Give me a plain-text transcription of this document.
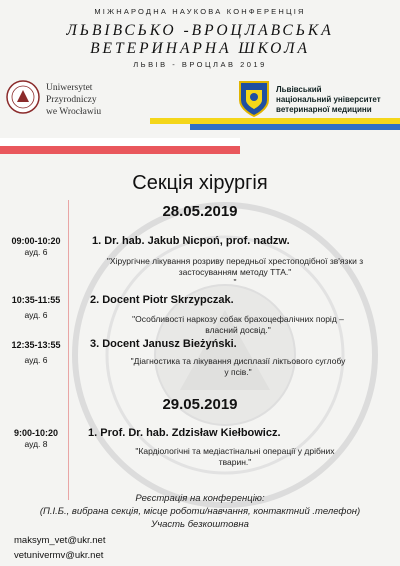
МІЖНАРОДНА НАУКОВА КОНФЕРЕНЦІЯ
ЛЬВІВСЬКО -ВРОЦЛАВСЬКА
ВЕТЕРИНАРНА ШКОЛА
ЛЬВІВ - ВРОЦЛАВ 2019
Uniwersytet
Przyrodniczy
we Wrocławiu
Львівський
національний університет
ветеринарної медицини
Секція хірургія
28.05.2019
09:00-10:20
ауд. 6
1. Dr. hab. Jakub Nicpoń, prof. nadzw.
"Хірургічне лікування розриву передньої хрестоподібної зв'язки з
застосуванням методу ТТА."
"
10:35-11:55
ауд. 6
2. Docent Piotr Skrzypczak.
"Особливості наркозу собак брахоцефалічних порід –
власний досвід."
12:35-13:55
ауд. 6
3. Docent Janusz Bieżyński.
"Діагностика та лікування дисплазії ліктьового суглобу
у псів."
29.05.2019
9:00-10:20
ауд. 8
1. Prof. Dr. hab. Zdzisław Kiełbowicz.
"Кардіологічні та медіастінальні операції у дрібних
тварин."
Реєстрація на конференцію:
(П.І.Б., вибрана секція, місце роботи/навчання, контактний .телефон)
Участь безкоштовна
maksym_vet@ukr.net
vetunivermv@ukr.net
